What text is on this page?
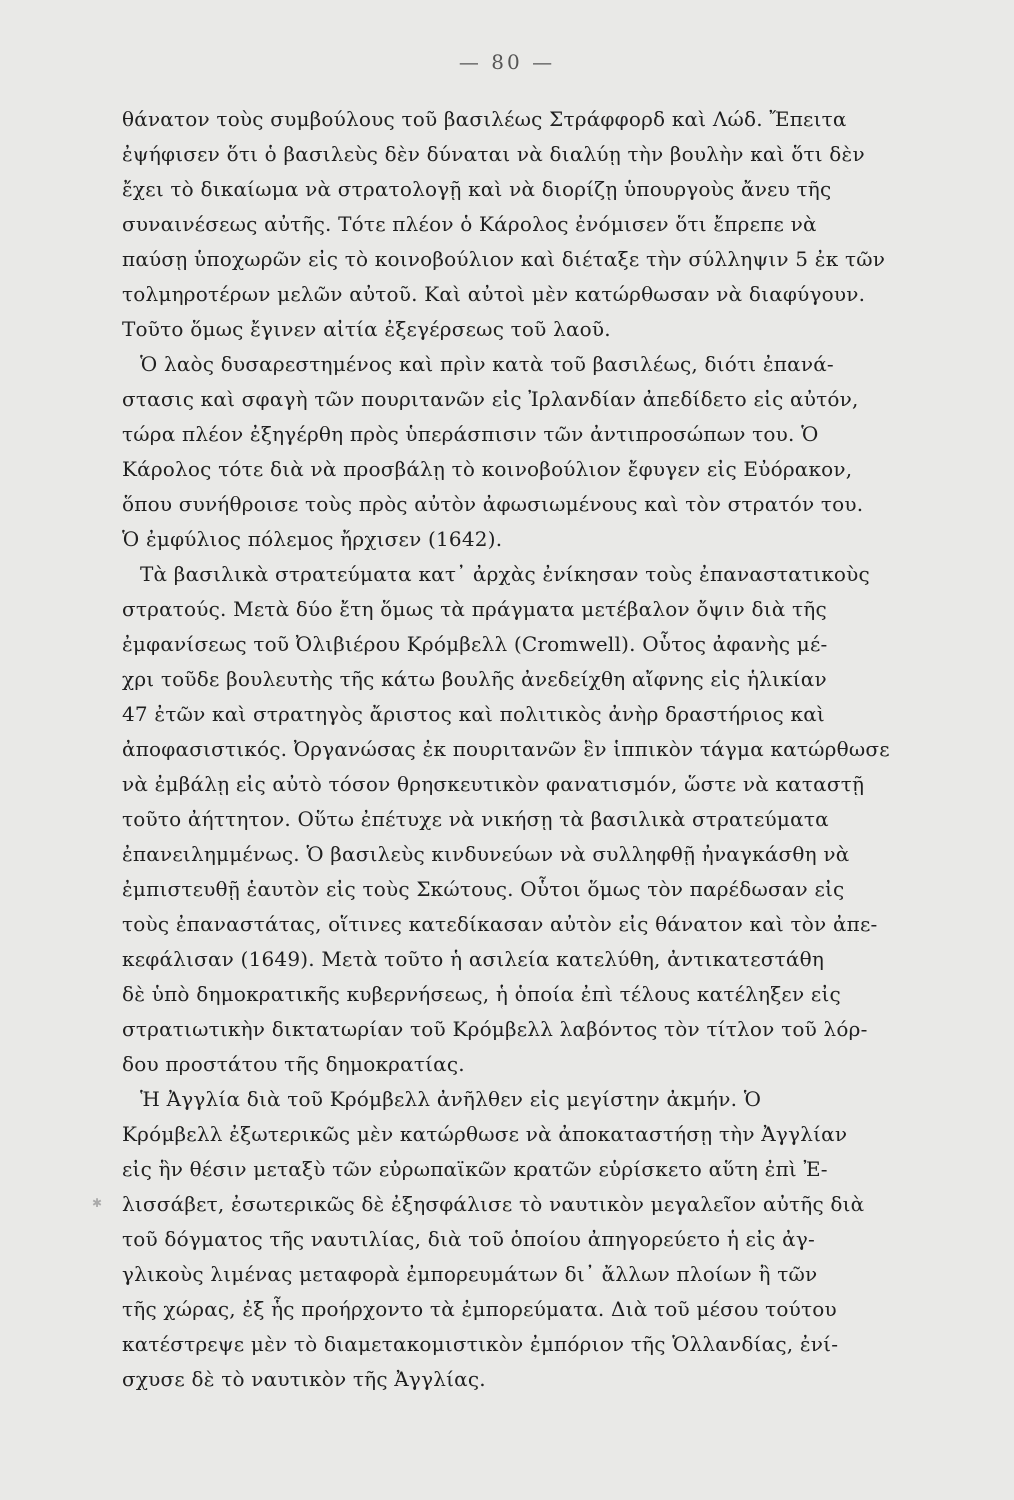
— 80 —

θάνατον τοὺς συμβούλους τοῦ βασιλέως Στράφφορδ καὶ Λώδ. Ἔπειτα
ἐψήφισεν ὅτι ὁ βασιλεὺς δὲν δύναται νὰ διαλύῃ τὴν βουλὴν καὶ ὅτι δὲν
ἔχει τὸ δικαίωμα νὰ στρατολογῇ καὶ νὰ διορίζῃ ὑπουργοὺς ἄνευ τῆς
συναινέσεως αὐτῆς. Τότε πλέον ὁ Κάρολος ἐνόμισεν ὅτι ἔπρεπε νὰ
παύσῃ ὑποχωρῶν εἰς τὸ κοινοβούλιον καὶ διέταξε τὴν σύλληψιν 5 ἐκ τῶν
τολμηροτέρων μελῶν αὐτοῦ. Καὶ αὐτοὶ μὲν κατώρθωσαν νὰ διαφύγουν.
Τοῦτο ὅμως ἔγινεν αἰτία ἐξεγέρσεως τοῦ λαοῦ.
Ὁ λαὸς δυσαρεστημένος καὶ πρὶν κατὰ τοῦ βασιλέως, διότι ἐπανά-
στασις καὶ σφαγὴ τῶν πουριτανῶν εἰς Ἰρλανδίαν ἀπεδίδετο εἰς αὐτόν,
τώρα πλέον ἐξηγέρθη πρὸς ὑπεράσπισιν τῶν ἀντιπροσώπων του. Ὁ
Κάρολος τότε διὰ νὰ προσβάλῃ τὸ κοινοβούλιον ἔφυγεν εἰς Εὐόρακον,
ὅπου συνήθροισε τοὺς πρὸς αὐτὸν ἀφωσιωμένους καὶ τὸν στρατόν του.
Ὁ ἐμφύλιος πόλεμος ἤρχισεν (1642).
Τὰ βασιλικὰ στρατεύματα κατ᾽ ἀρχὰς ἐνίκησαν τοὺς ἐπαναστατικοὺς
στρατούς. Μετὰ δύο ἔτη ὅμως τὰ πράγματα μετέβαλον ὄψιν διὰ τῆς
ἐμφανίσεως τοῦ Ὀλιβιέρου Κρόμβελλ (Cromwell). Οὗτος ἀφανὴς μέ-
χρι τοῦδε βουλευτὴς τῆς κάτω βουλῆς ἀνεδείχθη αἴφνης εἰς ἡλικίαν
47 ἐτῶν καὶ στρατηγὸς ἄριστος καὶ πολιτικὸς ἀνὴρ δραστήριος καὶ
ἀποφασιστικός. Ὀργανώσας ἐκ πουριτανῶν ἓν ἱππικὸν τάγμα κατώρθωσε
νὰ ἐμβάλῃ εἰς αὐτὸ τόσον θρησκευτικὸν φανατισμόν, ὥστε νὰ καταστῇ
τοῦτο ἀήττητον. Οὕτω ἐπέτυχε νὰ νικήσῃ τὰ βασιλικὰ στρατεύματα
ἐπανειλημμένως. Ὁ βασιλεὺς κινδυνεύων νὰ συλληφθῇ ἠναγκάσθη νὰ
ἐμπιστευθῇ ἑαυτὸν εἰς τοὺς Σκώτους. Οὗτοι ὅμως τὸν παρέδωσαν εἰς
τοὺς ἐπαναστάτας, οἵτινες κατεδίκασαν αὐτὸν εἰς θάνατον καὶ τὸν ἀπε-
κεφάλισαν (1649). Μετὰ τοῦτο ἡ ασιλεία κατελύθη, ἀντικατεστάθη
δὲ ὑπὸ δημοκρατικῆς κυβερνήσεως, ἡ ὁποία ἐπὶ τέλους κατέληξεν εἰς
στρατιωτικὴν δικτατωρίαν τοῦ Κρόμβελλ λαβόντος τὸν τίτλον τοῦ λόρ-
δου προστάτου τῆς δημοκρατίας.
Ἡ Ἀγγλία διὰ τοῦ Κρόμβελλ ἀνῆλθεν εἰς μεγίστην ἀκμήν. Ὁ
Κρόμβελλ ἐξωτερικῶς μὲν κατώρθωσε νὰ ἀποκαταστήσῃ τὴν Ἀγγλίαν
εἰς ἣν θέσιν μεταξὺ τῶν εὐρωπαϊκῶν κρατῶν εὑρίσκετο αὕτη ἐπὶ Ἐ-
λισσάβετ, ἐσωτερικῶς δὲ ἐξησφάλισε τὸ ναυτικὸν μεγαλεῖον αὐτῆς διὰ
τοῦ δόγματος τῆς ναυτιλίας, διὰ τοῦ ὁποίου ἀπηγορεύετο ἡ εἰς ἀγ-
γλικοὺς λιμένας μεταφορὰ ἐμπορευμάτων δι᾽ ἄλλων πλοίων ἢ τῶν
τῆς χώρας, ἐξ ἧς προήρχοντο τὰ ἐμπορεύματα. Διὰ τοῦ μέσου τούτου
κατέστρεψε μὲν τὸ διαμετακομιστικὸν ἐμπόριον τῆς Ὁλλανδίας, ἐνί-
σχυσε δὲ τὸ ναυτικὸν τῆς Ἀγγλίας.
✱
